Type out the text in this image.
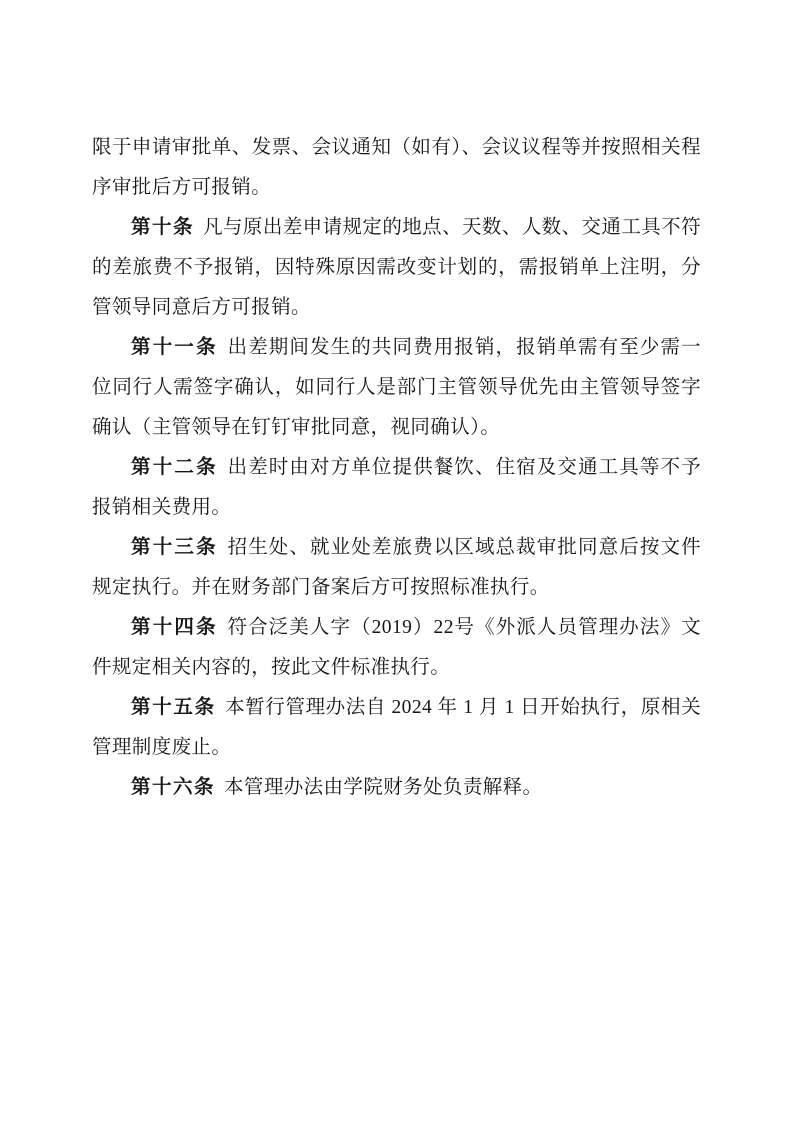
限于申请审批单、发票、会议通知（如有）、会议议程等并按照相关程序审批后方可报销。

第十条 凡与原出差申请规定的地点、天数、人数、交通工具不符的差旅费不予报销，因特殊原因需改变计划的，需报销单上注明，分管领导同意后方可报销。

第十一条 出差期间发生的共同费用报销，报销单需有至少需一位同行人需签字确认，如同行人是部门主管领导优先由主管领导签字确认（主管领导在钉钉审批同意，视同确认）。

第十二条 出差时由对方单位提供餐饮、住宿及交通工具等不予报销相关费用。

第十三条 招生处、就业处差旅费以区域总裁审批同意后按文件规定执行。并在财务部门备案后方可按照标准执行。

第十四条 符合泛美人字（2019）22号《外派人员管理办法》文件规定相关内容的，按此文件标准执行。

第十五条 本暂行管理办法自 2024 年 1 月 1 日开始执行，原相关管理制度废止。

第十六条 本管理办法由学院财务处负责解释。
